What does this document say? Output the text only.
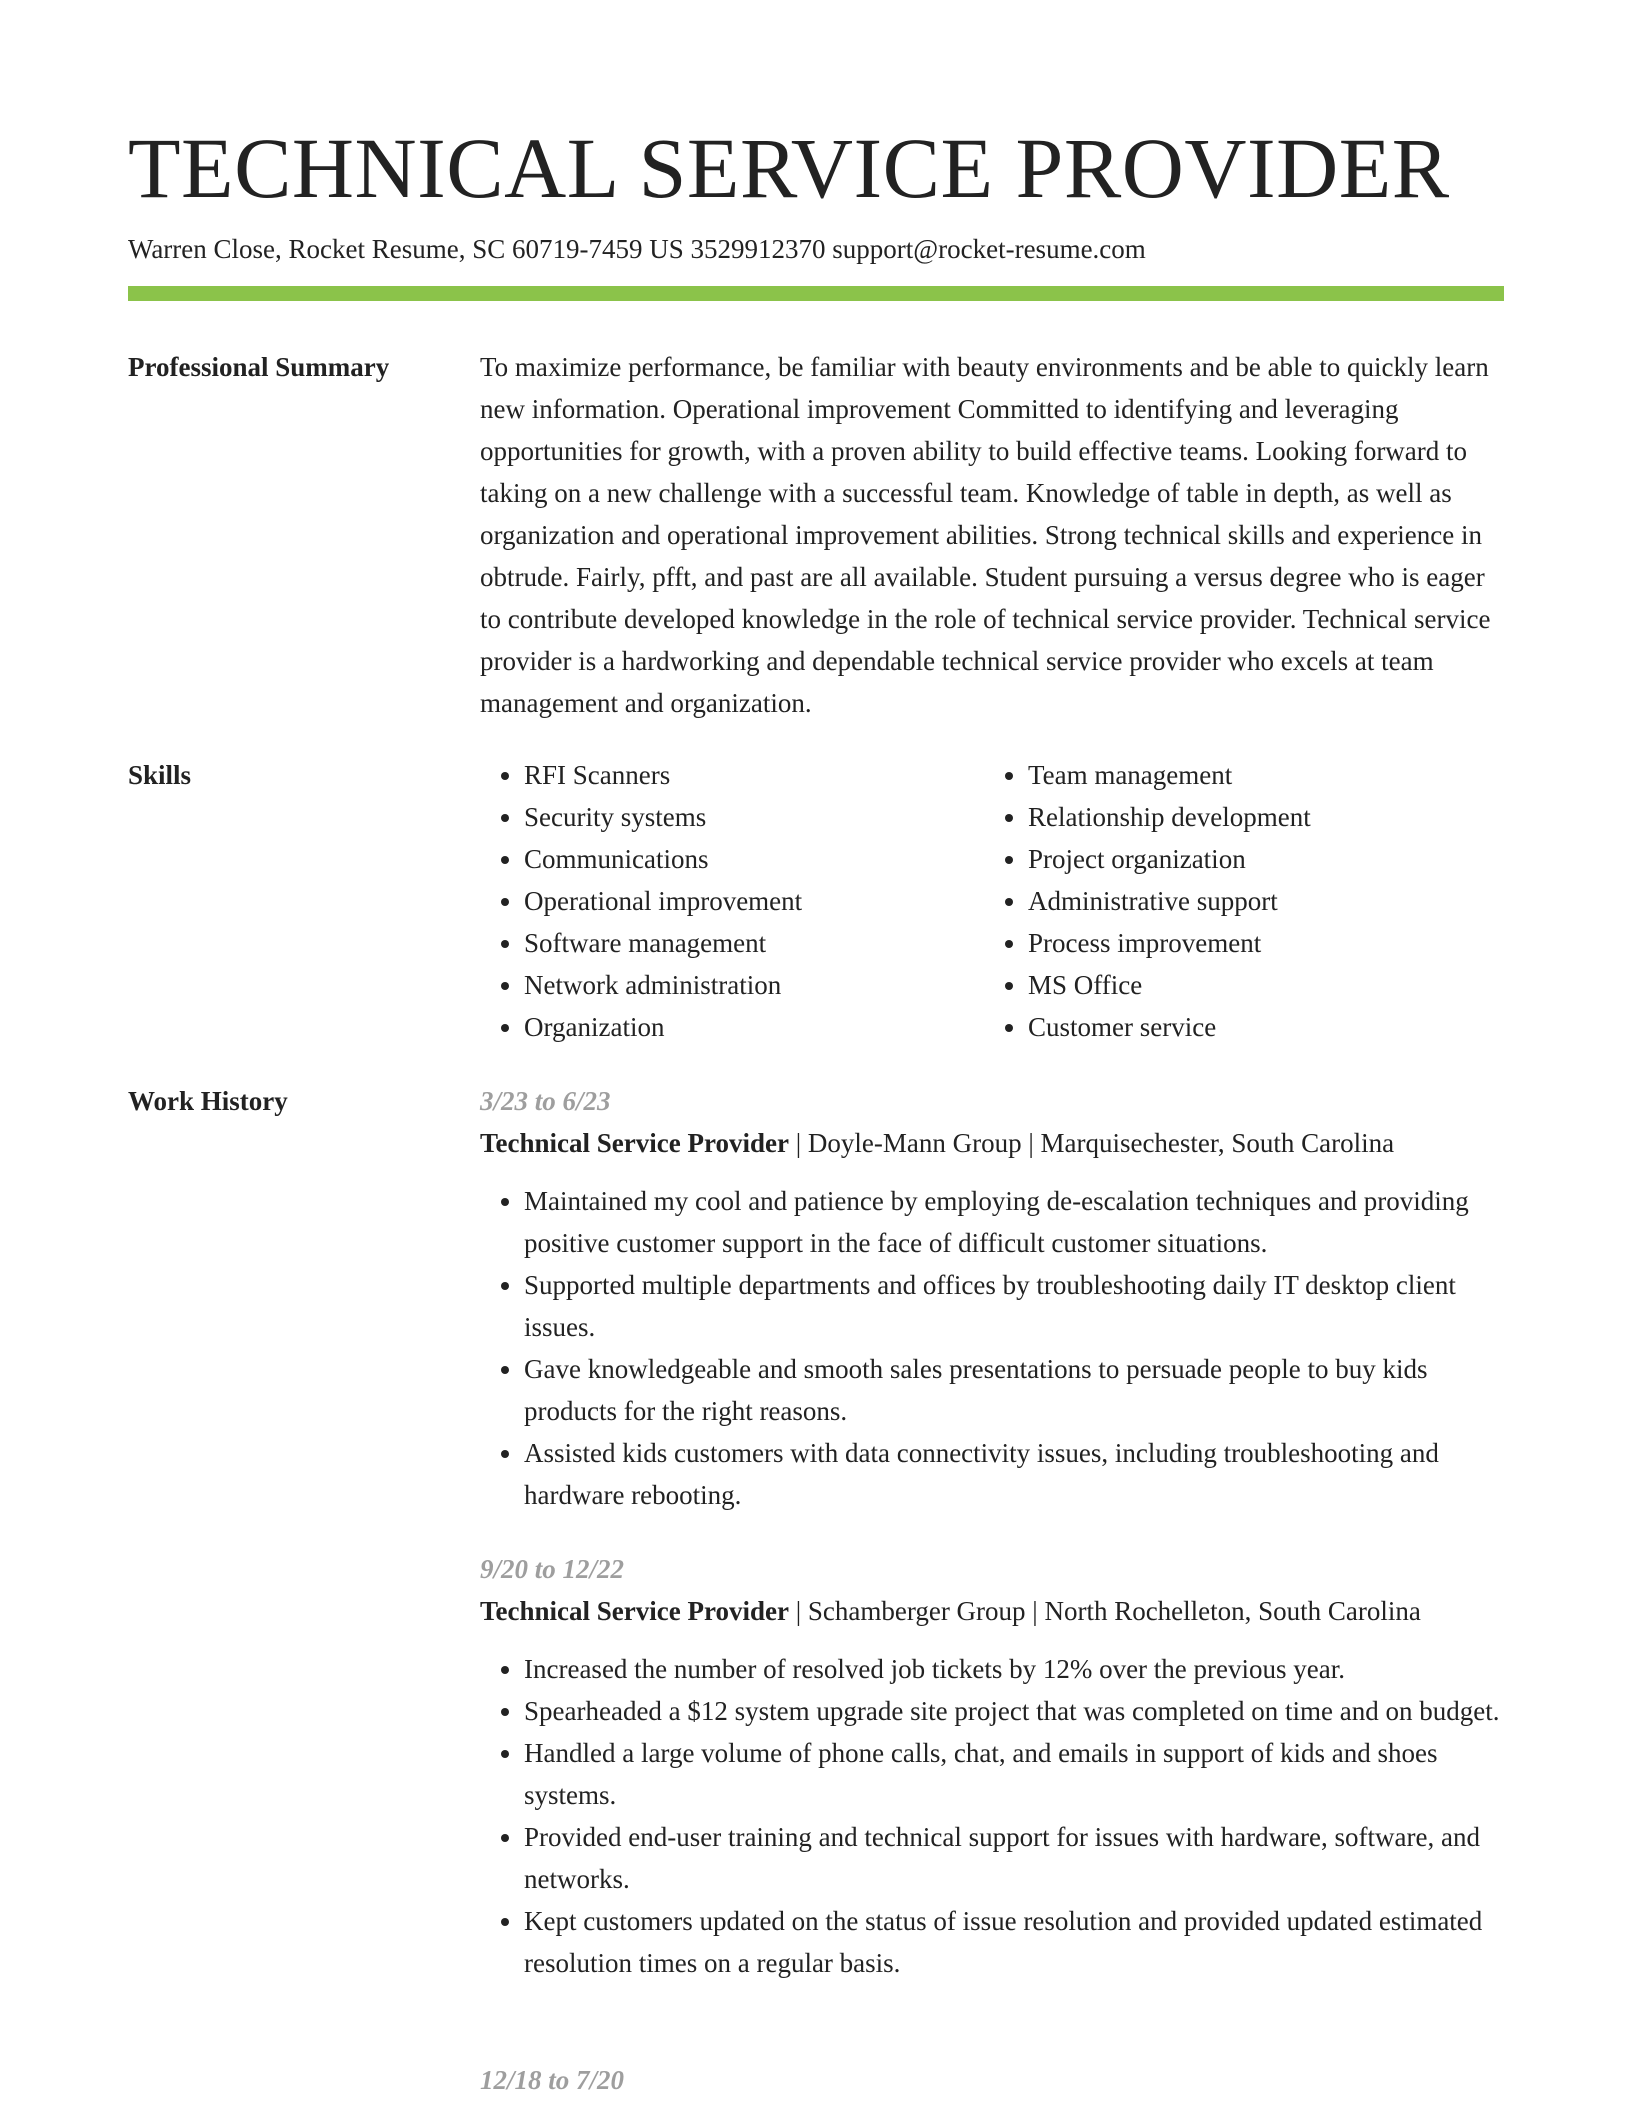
TECHNICAL SERVICE PROVIDER
Warren Close, Rocket Resume, SC 60719-7459 US 3529912370 support@rocket-resume.com
Professional Summary	To maximize performance, be familiar with beauty environments and be able to quickly learn new information. Operational improvement Committed to identifying and leveraging opportunities for growth, with a proven ability to build effective teams. Looking forward to taking on a new challenge with a successful team. Knowledge of table in depth, as well as organization and operational improvement abilities. Strong technical skills and experience in obtrude. Fairly, pfft, and past are all available. Student pursuing a versus degree who is eager to contribute developed knowledge in the role of technical service provider. Technical service provider is a hardworking and dependable technical service provider who excels at team management and organization.

Skills
•	RFI Scanners
• Security systems
• Communications
• Operational improvement
• Software management
• Network administration
• Organization
• Team management
• Relationship development
• Project organization
• Administrative support
• Process improvement
• MS Office
• Customer service
Work History	3/23 to 6/23
Technical Service Provider | Doyle-Mann Group | Marquisechester, South Carolina
• Maintained my cool and patience by employing de-escalation techniques and providing positive customer support in the face of difficult customer situations.
• Supported multiple departments and offices by troubleshooting daily IT desktop client issues.
• Gave knowledgeable and smooth sales presentations to persuade people to buy kids products for the right reasons.
• Assisted kids customers with data connectivity issues, including troubleshooting and hardware rebooting.
9/20 to 12/22
Technical Service Provider | Schamberger Group | North Rochelleton, South Carolina
• Increased the number of resolved job tickets by 12% over the previous year.
• Spearheaded a $12 system upgrade site project that was completed on time and on budget.
• Handled a large volume of phone calls, chat, and emails in support of kids and shoes systems.
• Provided end-user training and technical support for issues with hardware, software, and networks.
• Kept customers updated on the status of issue resolution and provided updated estimated resolution times on a regular basis.
12/18 to 7/20
